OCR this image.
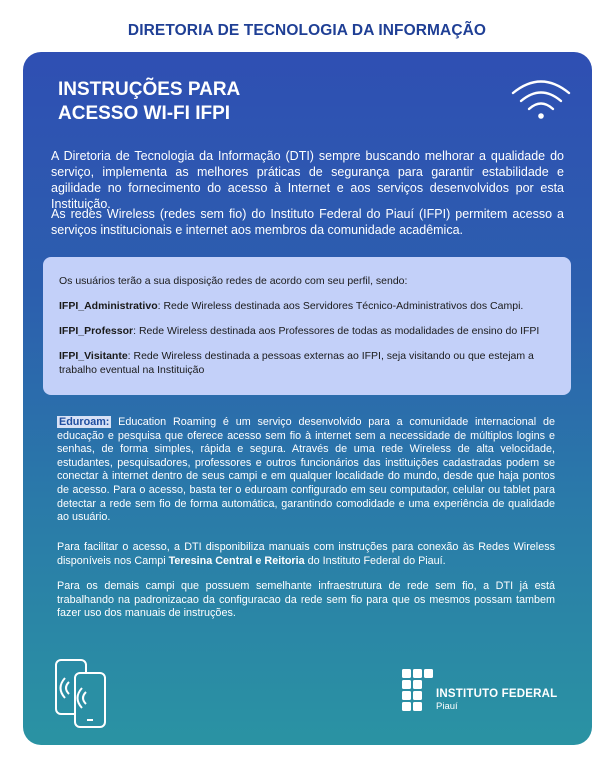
DIRETORIA DE TECNOLOGIA DA INFORMAÇÃO
INSTRUÇÕES PARA
ACESSO WI-FI IFPI

A Diretoria de Tecnologia da Informação (DTI) sempre buscando melhorar a qualidade do serviço, implementa as melhores práticas de segurança para garantir estabilidade e agilidade no fornecimento do acesso à Internet e aos serviços desenvolvidos por esta Instituição.

As redes Wireless (redes sem fio) do Instituto Federal do Piauí (IFPI) permitem acesso a serviços institucionais e internet aos membros da comunidade acadêmica.

Os usuários terão a sua disposição redes de acordo com seu perfil, sendo:

IFPI_Administrativo: Rede Wireless destinada aos Servidores Técnico-Administrativos dos Campi.

IFPI_Professor: Rede Wireless destinada aos Professores de todas as modalidades de ensino do IFPI

IFPI_Visitante: Rede Wireless destinada a pessoas externas ao IFPI, seja visitando ou que estejam a trabalho eventual na Instituição

Eduroam: Education Roaming é um serviço desenvolvido para a comunidade internacional de educação e pesquisa que oferece acesso sem fio à internet sem a necessidade de múltiplos logins e senhas, de forma simples, rápida e segura. Através de uma rede Wireless de alta velocidade, estudantes, pesquisadores, professores e outros funcionários das instituições cadastradas podem se conectar à internet dentro de seus campi e em qualquer localidade do mundo, desde que haja pontos de acesso. Para o acesso, basta ter o eduroam configurado em seu computador, celular ou tablet para detectar a rede sem fio de forma automática, garantindo comodidade e uma experiência de qualidade ao usuário.

Para facilitar o acesso, a DTI disponibiliza manuais com instruções para conexão às Redes Wireless disponíveis nos Campi Teresina Central e Reitoria do Instituto Federal do Piauí.

Para os demais campi que possuem semelhante infraestrutura de rede sem fio, a DTI já está trabalhando na padronizacao da configuracao da rede sem fio para que os mesmos possam tambem fazer uso dos manuais de instruções.

INSTITUTO FEDERAL
Piauí
